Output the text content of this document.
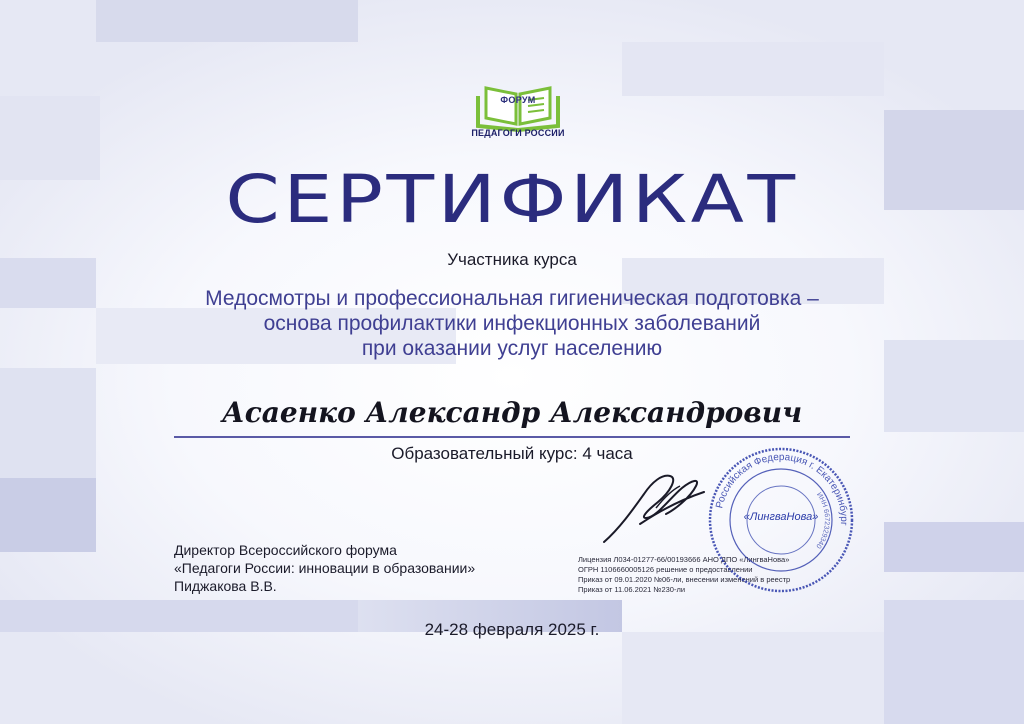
ФОРУМ
ПЕДАГОГИ РОССИИ
СЕРТИФИКАТ
Участника курса
Медосмотры и профессиональная гигиеническая подготовка –
основа профилактики инфекционных заболеваний
при оказании услуг населению
Асаенко Александр Александрович
Образовательный курс: 4 часа
Директор Всероссийского форума
«Педагоги России: инновации в образовании»
Пиджакова В.В.
Лицензия Л034-01277-66/00193666 АНО ДПО «ЛингваНова»
ОГРН 1106660005126 решение о предоставлении
Приказ от 09.01.2020 №06-ли, внесении изменений в реестр
Приказ от 11.06.2021 №230-ли
Российская Федерация г. Екатеринбург
ИНН 6672329340
«ЛингваНова»
24-28 февраля 2025 г.
